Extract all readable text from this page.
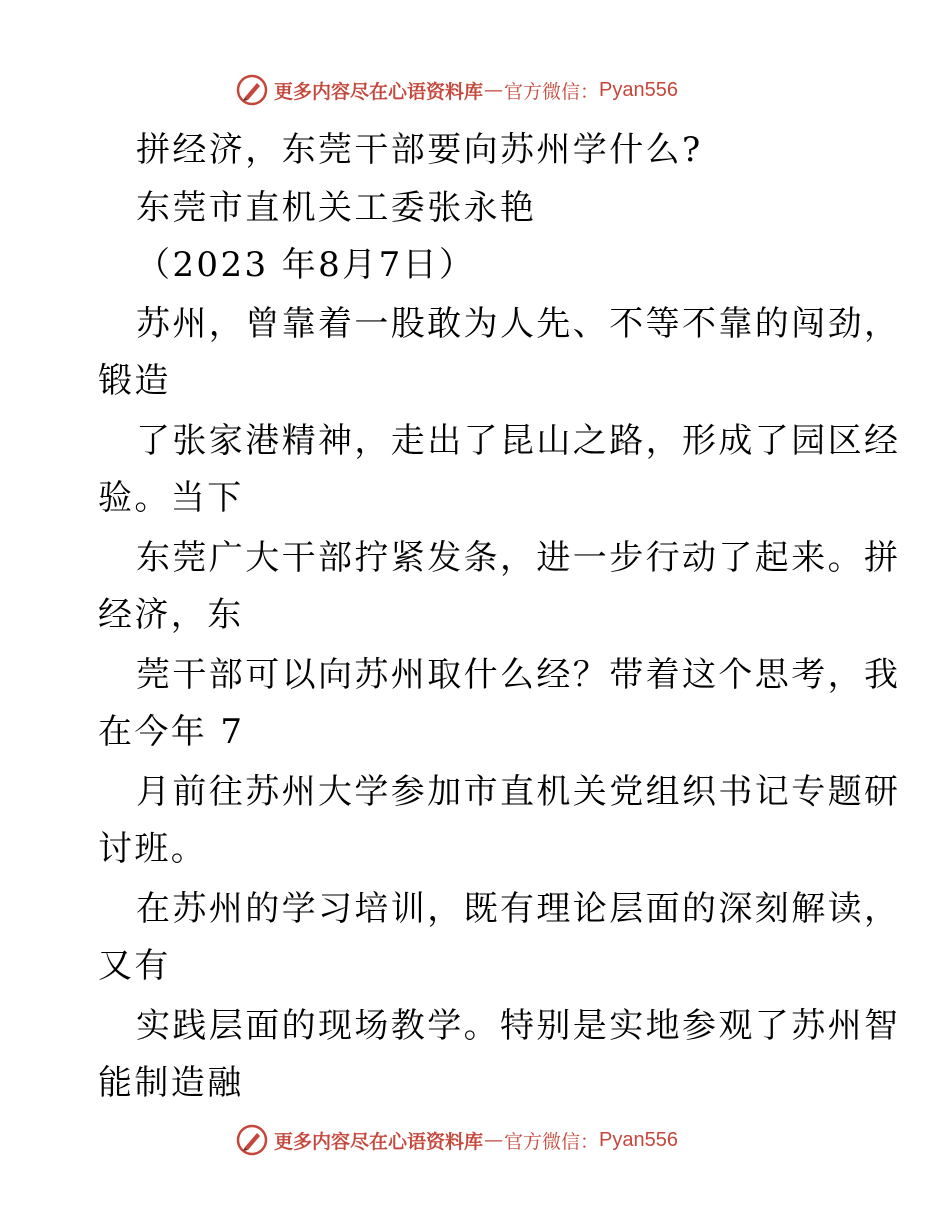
更多内容尽在心语资料库 — 官方微信： Pyan556
拼经济，东莞干部要向苏州学什么?
东莞市直机关工委张永艳
（2023 年8月7日）
苏州，曾靠着一股敢为人先、不等不靠的闯劲，
锻造
了张家港精神，走出了昆山之路，形成了园区经
验。当下
东莞广大干部拧紧发条，进一步行动了起来。拼
经济，东
莞干部可以向苏州取什么经？带着这个思考，我
在今年 7
月前往苏州大学参加市直机关党组织书记专题研
讨班。
在苏州的学习培训，既有理论层面的深刻解读，
又有
实践层面的现场教学。特别是实地参观了苏州智
能制造融
更多内容尽在心语资料库 — 官方微信： Pyan556
